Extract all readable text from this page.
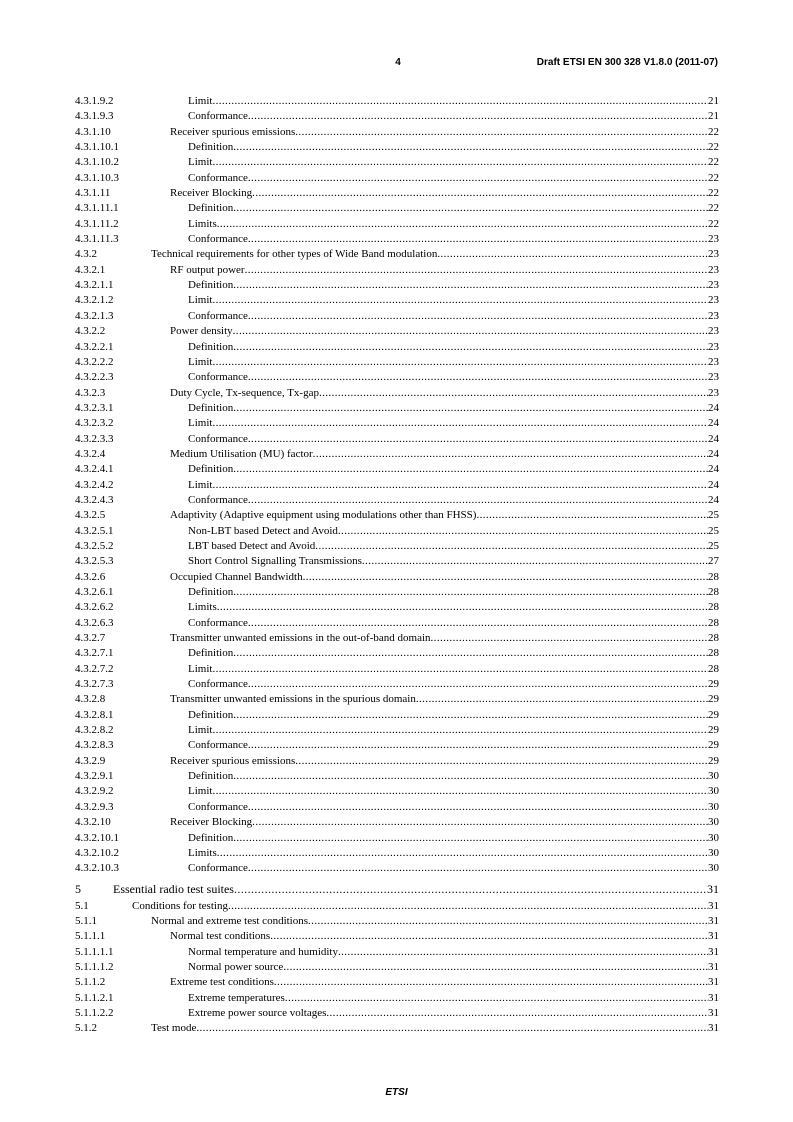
4	Draft ETSI EN 300 328 V1.8.0 (2011-07)
4.3.1.9.2	Limit .....	21
4.3.1.9.3	Conformance .....	21
4.3.1.10	Receiver spurious emissions .....	22
4.3.1.10.1	Definition .....	22
4.3.1.10.2	Limit .....	22
4.3.1.10.3	Conformance .....	22
4.3.1.11	Receiver Blocking .....	22
4.3.1.11.1	Definition .....	22
4.3.1.11.2	Limits .....	22
4.3.1.11.3	Conformance .....	23
4.3.2	Technical requirements for other types of Wide Band modulation .....	23
4.3.2.1	RF output power .....	23
4.3.2.1.1	Definition .....	23
4.3.2.1.2	Limit .....	23
4.3.2.1.3	Conformance .....	23
4.3.2.2	Power density .....	23
4.3.2.2.1	Definition .....	23
4.3.2.2.2	Limit .....	23
4.3.2.2.3	Conformance .....	23
4.3.2.3	Duty Cycle, Tx-sequence, Tx-gap .....	23
4.3.2.3.1	Definition .....	24
4.3.2.3.2	Limit .....	24
4.3.2.3.3	Conformance .....	24
4.3.2.4	Medium Utilisation (MU) factor .....	24
4.3.2.4.1	Definition .....	24
4.3.2.4.2	Limit .....	24
4.3.2.4.3	Conformance .....	24
4.3.2.5	Adaptivity (Adaptive equipment using modulations other than FHSS) .....	25
4.3.2.5.1	Non-LBT based Detect and Avoid .....	25
4.3.2.5.2	LBT based Detect and Avoid .....	25
4.3.2.5.3	Short Control Signalling Transmissions .....	27
4.3.2.6	Occupied Channel Bandwidth .....	28
4.3.2.6.1	Definition .....	28
4.3.2.6.2	Limits .....	28
4.3.2.6.3	Conformance .....	28
4.3.2.7	Transmitter unwanted emissions in the out-of-band domain .....	28
4.3.2.7.1	Definition .....	28
4.3.2.7.2	Limit .....	28
4.3.2.7.3	Conformance .....	29
4.3.2.8	Transmitter unwanted emissions in the spurious domain .....	29
4.3.2.8.1	Definition .....	29
4.3.2.8.2	Limit .....	29
4.3.2.8.3	Conformance .....	29
4.3.2.9	Receiver spurious emissions .....	29
4.3.2.9.1	Definition .....	30
4.3.2.9.2	Limit .....	30
4.3.2.9.3	Conformance .....	30
4.3.2.10	Receiver Blocking .....	30
4.3.2.10.1	Definition .....	30
4.3.2.10.2	Limits .....	30
4.3.2.10.3	Conformance .....	30
5	Essential radio test suites .....	31
5.1	Conditions for testing .....	31
5.1.1	Normal and extreme test conditions .....	31
5.1.1.1	Normal test conditions .....	31
5.1.1.1.1	Normal temperature and humidity .....	31
5.1.1.1.2	Normal power source .....	31
5.1.1.2	Extreme test conditions .....	31
5.1.1.2.1	Extreme temperatures .....	31
5.1.1.2.2	Extreme power source voltages .....	31
5.1.2	Test mode .....	31
ETSI
